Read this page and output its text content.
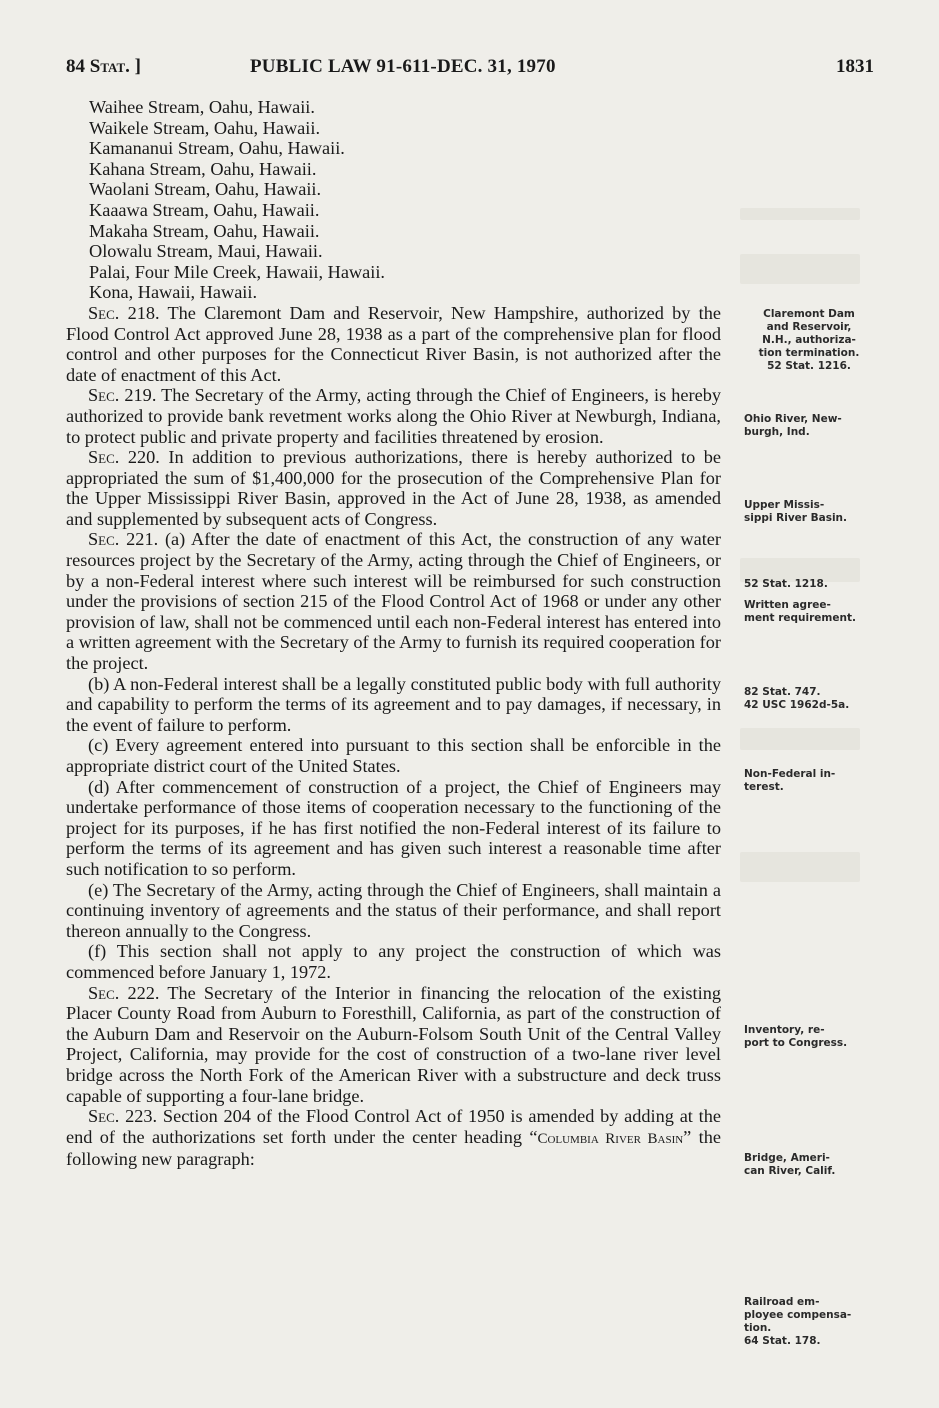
84 Stat. ]	PUBLIC LAW 91-611-DEC. 31, 1970	1831
Waihee Stream, Oahu, Hawaii.
Waikele Stream, Oahu, Hawaii.
Kamananui Stream, Oahu, Hawaii.
Kahana Stream, Oahu, Hawaii.
Waolani Stream, Oahu, Hawaii.
Kaaawa Stream, Oahu, Hawaii.
Makaha Stream, Oahu, Hawaii.
Olowalu Stream, Maui, Hawaii.
Palai, Four Mile Creek, Hawaii, Hawaii.
Kona, Hawaii, Hawaii.

Sec. 218. The Claremont Dam and Reservoir, New Hampshire, authorized by the Flood Control Act approved June 28, 1938 as a part of the comprehensive plan for flood control and other purposes for the Connecticut River Basin, is not authorized after the date of enactment of this Act.

Sec. 219. The Secretary of the Army, acting through the Chief of Engineers, is hereby authorized to provide bank revetment works along the Ohio River at Newburgh, Indiana, to protect public and private property and facilities threatened by erosion.

Sec. 220. In addition to previous authorizations, there is hereby authorized to be appropriated the sum of $1,400,000 for the prosecution of the Comprehensive Plan for the Upper Mississippi River Basin, approved in the Act of June 28, 1938, as amended and supplemented by subsequent acts of Congress.

Sec. 221. (a) After the date of enactment of this Act, the construction of any water resources project by the Secretary of the Army, acting through the Chief of Engineers, or by a non-Federal interest where such interest will be reimbursed for such construction under the provisions of section 215 of the Flood Control Act of 1968 or under any other provision of law, shall not be commenced until each non-Federal interest has entered into a written agreement with the Secretary of the Army to furnish its required cooperation for the project.

(b) A non-Federal interest shall be a legally constituted public body with full authority and capability to perform the terms of its agreement and to pay damages, if necessary, in the event of failure to perform.

(c) Every agreement entered into pursuant to this section shall be enforcible in the appropriate district court of the United States.

(d) After commencement of construction of a project, the Chief of Engineers may undertake performance of those items of cooperation necessary to the functioning of the project for its purposes, if he has first notified the non-Federal interest of its failure to perform the terms of its agreement and has given such interest a reasonable time after such notification to so perform.

(e) The Secretary of the Army, acting through the Chief of Engineers, shall maintain a continuing inventory of agreements and the status of their performance, and shall report thereon annually to the Congress.

(f) This section shall not apply to any project the construction of which was commenced before January 1, 1972.

Sec. 222. The Secretary of the Interior in financing the relocation of the existing Placer County Road from Auburn to Foresthill, California, as part of the construction of the Auburn Dam and Reservoir on the Auburn-Folsom South Unit of the Central Valley Project, California, may provide for the cost of construction of a two-lane river level bridge across the North Fork of the American River with a substructure and deck truss capable of supporting a four-lane bridge.

Sec. 223. Section 204 of the Flood Control Act of 1950 is amended by adding at the end of the authorizations set forth under the center heading “Columbia River Basin” the following new paragraph:

Claremont Dam
and Reservoir,
N.H., authoriza-
tion termination.
52 Stat. 1216.
Ohio River, New-
burgh, Ind.
Upper Missis-
sippi River Basin.
52 Stat. 1218.
Written agree-
ment requirement.
82 Stat. 747.
42 USC 1962d-5a.
Non-Federal in-
terest.
Inventory, re-
port to Congress.
Bridge, Ameri-
can River, Calif.
Railroad em-
ployee compensa-
tion.
64 Stat. 178.
